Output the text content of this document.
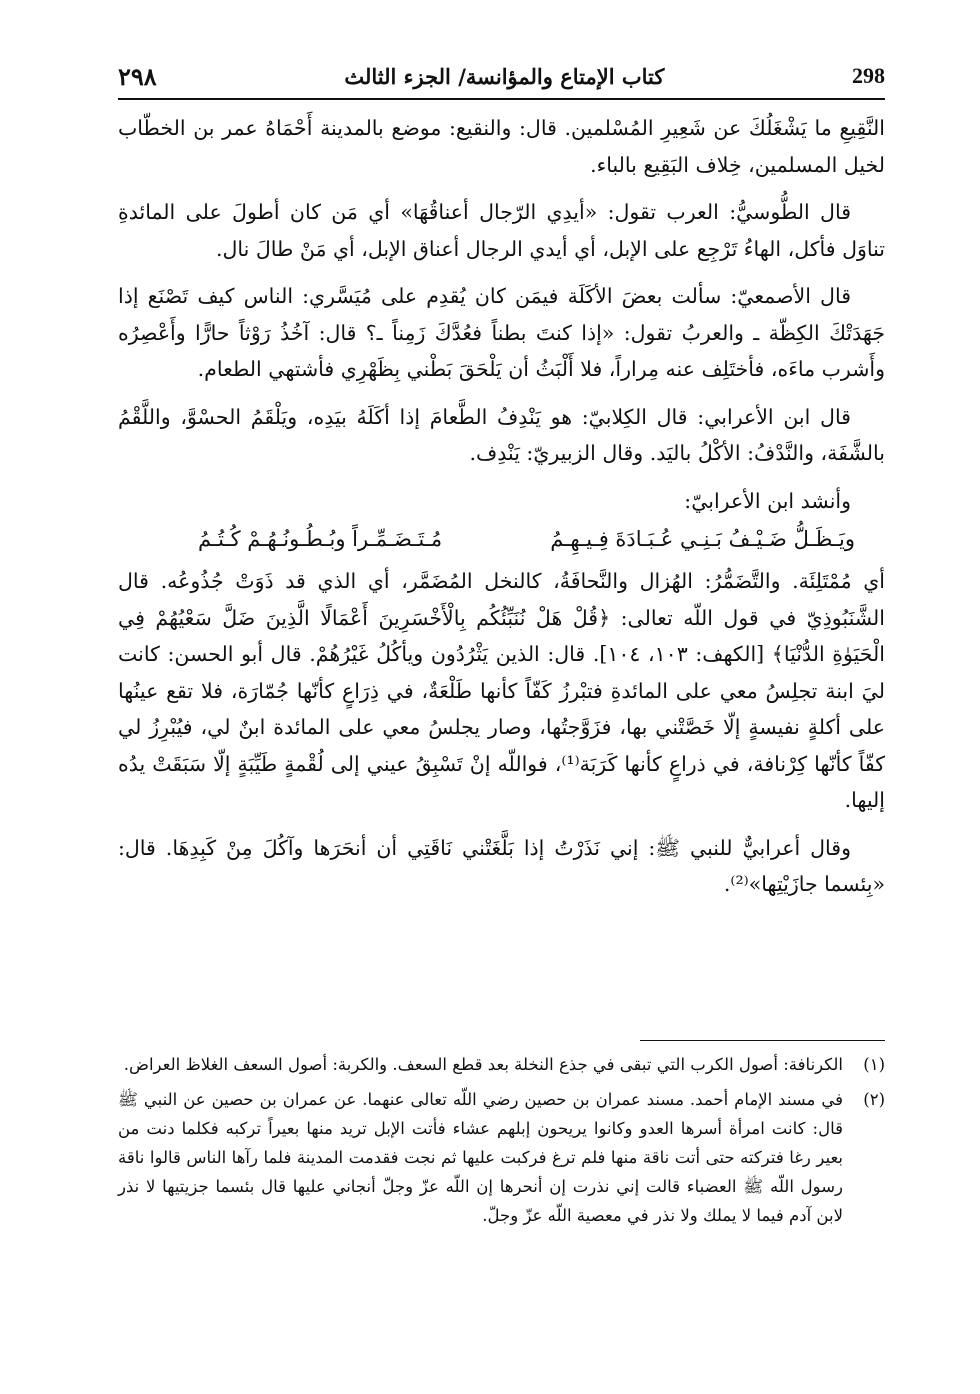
٢٩٨	كتاب الإمتاع والمؤانسة/ الجزء الثالث	298

النَّقِيعِ ما يَشْغَلُكَ عن شَعِيرِ المُسْلمين. قال: والنقيع: موضع بالمدينة أَحْمَاهُ عمر بن الخطّاب لخيل المسلمين، خِلاف البَقِيع بالباء.

قال الطُّوسيُّ: العرب تقول: «أيدِي الرّجال أعناقُهَا» أي مَن كان أطولَ على المائدةِ تناوَل فأكل، الهاءُ تَرْجِع على الإبل، أي أيدي الرجال أعناق الإبل، أي مَنْ طالَ نال.

قال الأصمعيّ: سألت بعضَ الأكَلَة فيمَن كان يُقدِم على مُيَسَّري: الناس كيف تَصْنَع إذا جَهَدَتْكَ الكِظّة ـ والعربُ تقول: «إذا كنتَ بطناً فعُدَّكَ زَمِناً ـ؟ قال: آخُذُ رَوْثاً حارًّا وأَعْصِرُه وأَشرب ماءَه، فأختَلِف عنه مِراراً، فلا أَلْبَثُ أن يَلْحَقَ بَطْني بِظَهْرِي فأشتهي الطعام.

قال ابن الأعرابي: قال الكِلابيّ: هو يَنْدِفُ الطَّعامَ إذا أكَلَهُ بيَدِه، ويَلْقَمُ الحسْوَّ، واللَّقْمُ بالشَّفَة، والنَّدْفُ: الأكْلُ باليَد. وقال الزبيريّ: يَنْدِف.

وأنشد ابن الأعرابيّ:

ويَـظَـلُّ ضَـيْـفُ بَـنِـي عُـبَـادَةَ فِـيـهِـمُ
مُـتَـضَـمِّـراً وبُـطُـونُـهُـمْ كُـتُـمُ

أي مُمْتَلِئَة. والتَّضَمُّرُ: الهُزال والنَّحافَةُ، كالنخل المُضَمَّر، أي الذي قد ذَوَتْ جُذُوعُه. قال الشَّنَبُوذِيّ في قول اللّه تعالى: ﴿قُلْ هَلْ نُنَبِّئُكُم بِالْأَخْسَرِينَ أَعْمَالًا الَّذِينَ ضَلَّ سَعْيُهُمْ فِي الْحَيَوٰةِ الدُّنْيَا﴾ [الكهف: ١٠٣، ١٠٤]. قال: الذين يَثْرُدُون ويأكُلُ غَيْرُهُمْ. قال أبو الحسن: كانت ليَ ابنة تجلِسُ معي على المائدةِ فتبْرزُ كَفّاً كأنها طَلْعَةٌ، في ذِرَاعٍ كأنّها جُمّارَة، فلا تقع عينُها على أكلةٍ نفيسةٍ إلّا خَصَّتْني بها، فزَوَّجتُها، وصار يجلسُ معي على المائدة ابنٌ لي، فيُبْرِزُ لي كفّاً كأنّها كِرْنافة، في ذراعٍ كأنها كَرَبَة⁽¹⁾، فواللّه إنْ تَسْبِقُ عيني إلى لُقْمةٍ طَيِّبَةٍ إلّا سَبَقَتْ يدُه إليها.

وقال أعرابيٌّ للنبي ﷺ: إني نَذَرْتُ إذا بَلَّغَتْني نَاقَتِي أن أنحَرَها وآكُلَ مِنْ كَبِدِهَا. قال: «بِئسما جازَيْتِها»⁽²⁾.

(١)
الكرنافة: أصول الكرب التي تبقى في جذع النخلة بعد قطع السعف. والكربة: أصول السعف الغلاظ العراض.
(٢)
في مسند الإمام أحمد. مسند عمران بن حصين رضي اللّه تعالى عنهما. عن عمران بن حصين عن النبي ﷺ قال: كانت امرأة أسرها العدو وكانوا يريحون إبلهم عشاء فأتت الإبل تريد منها بعيراً تركبه فكلما دنت من بعير رغا فتركته حتى أتت ناقة منها فلم ترغ فركبت عليها ثم نجت فقدمت المدينة فلما رآها الناس قالوا ناقة رسول اللّه ﷺ العضباء قالت إني نذرت إن أنحرها إن اللّه عزّ وجلّ أنجاني عليها قال بئسما جزيتيها لا نذر لابن آدم فيما لا يملك ولا نذر في معصية اللّه عزّ وجلّ.
